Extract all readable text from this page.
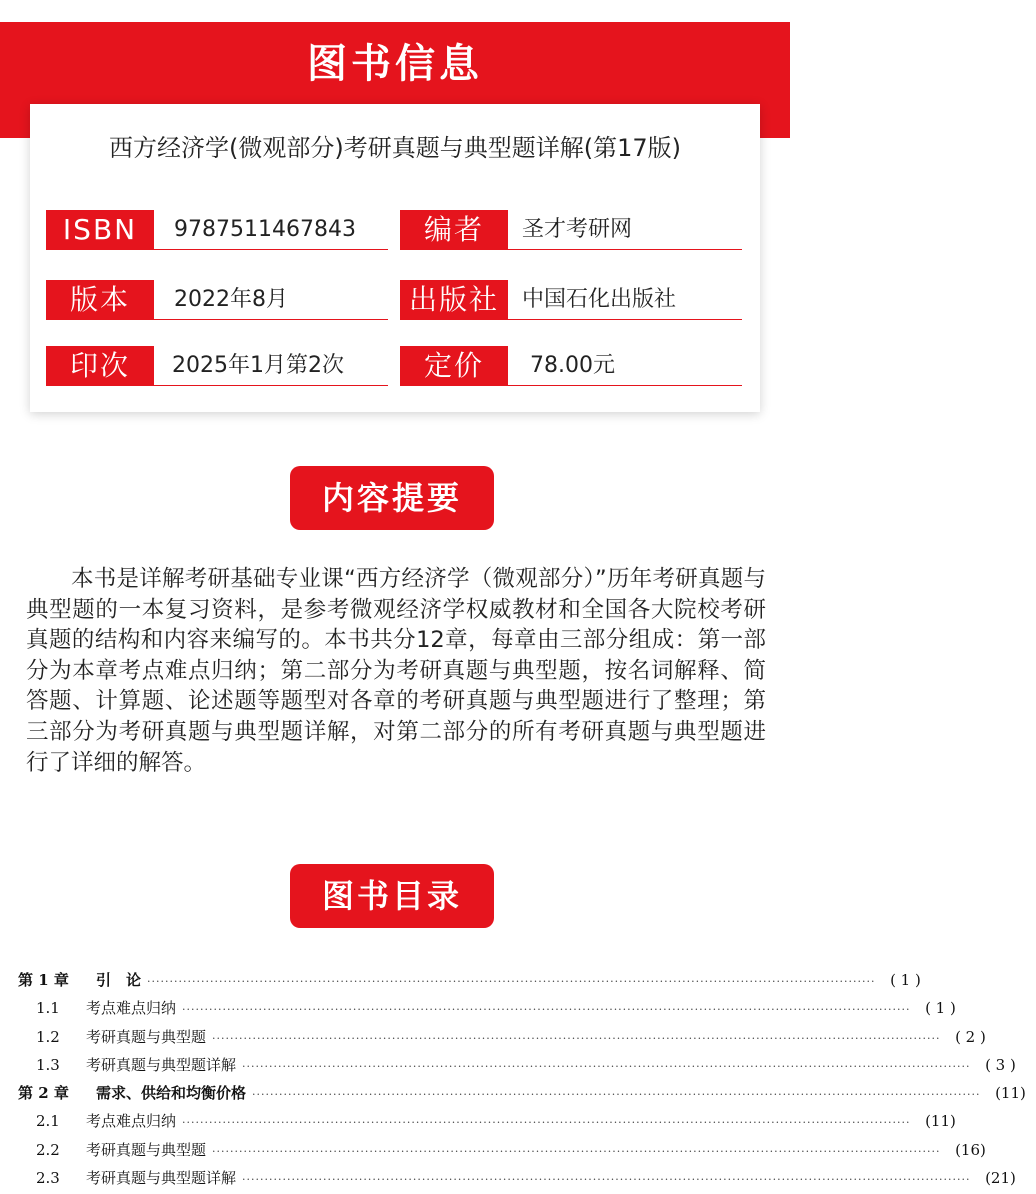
图书信息
西方经济学(微观部分)考研真题与典型题详解(第17版)
ISBN	9787511467843	编者	圣才考研网
版本	2022年8月	出版社	中国石化出版社
印次	2025年1月第2次	定价	78.00元
内容提要
本书是详解考研基础专业课“西方经济学（微观部分）”历年考研真题与典型题的一本复习资料，是参考微观经济学权威教材和全国各大院校考研真题的结构和内容来编写的。本书共分12章，每章由三部分组成：第一部分为本章考点难点归纳；第二部分为考研真题与典型题，按名词解释、简答题、计算题、论述题等题型对各章的考研真题与典型题进行了整理；第三部分为考研真题与典型题详解，对第二部分的所有考研真题与典型题进行了详细的解答。
图书目录
第 1 章	引　论 ·································································································································································· ( 1 )
1.1	考点难点归纳 ·································································································································································· ( 1 )
1.2	考研真题与典型题 ·································································································································································· ( 2 )
1.3	考研真题与典型题详解 ·································································································································································· ( 3 )
第 2 章	需求、供给和均衡价格 ·································································································································································· (11)
2.1	考点难点归纳 ·································································································································································· (11)
2.2	考研真题与典型题 ·································································································································································· (16)
2.3	考研真题与典型题详解 ·································································································································································· (21)
